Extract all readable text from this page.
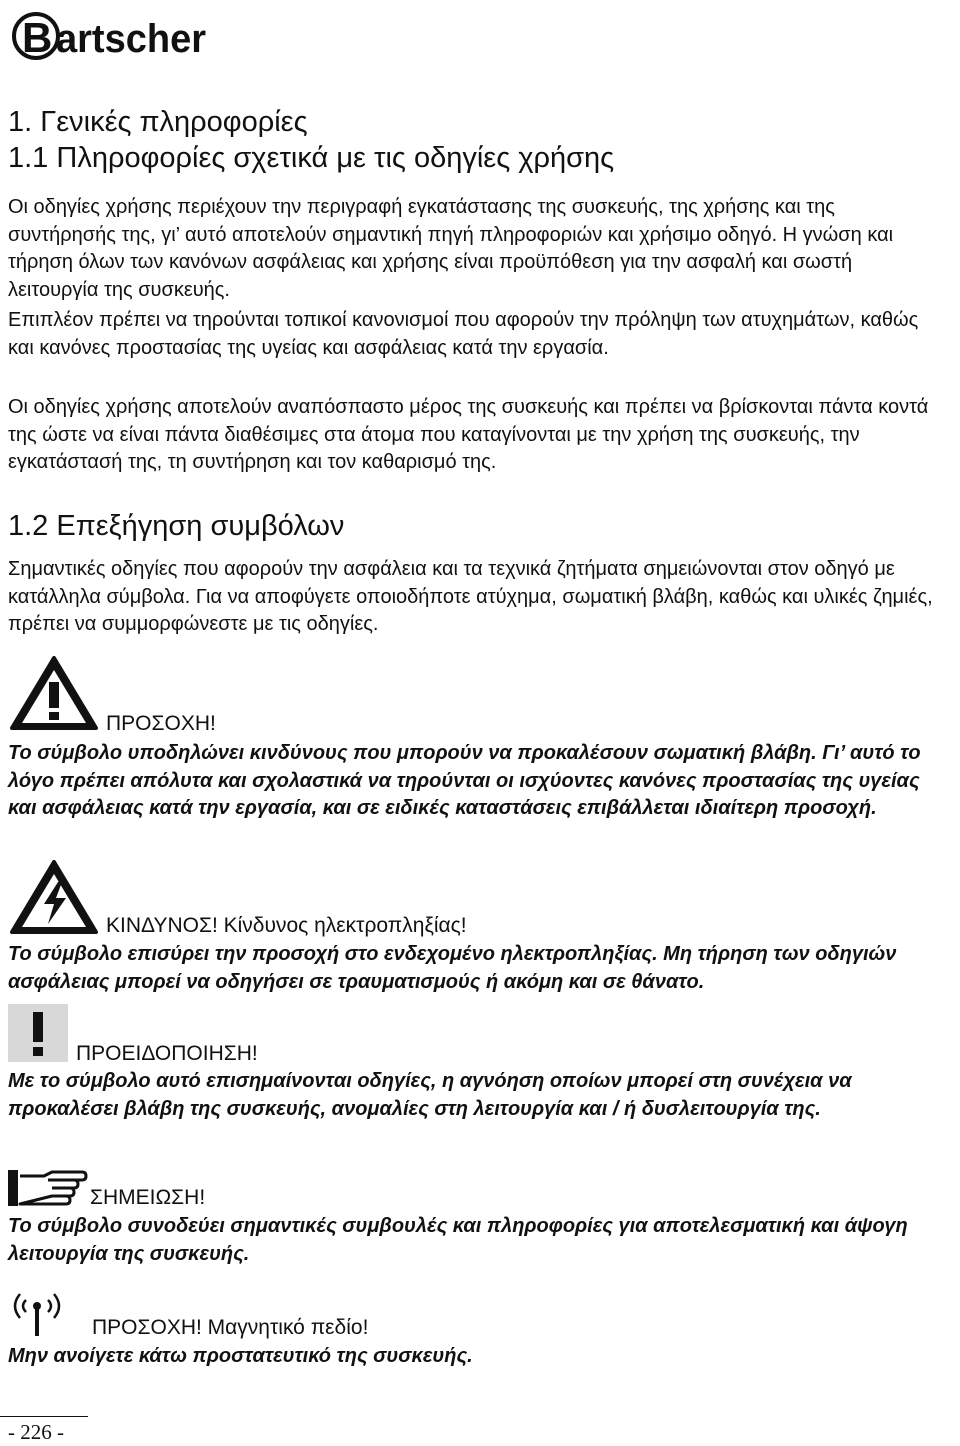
B artscher
1. Γενικές πληροφορίες
1.1 Πληροφορίες σχετικά με τις οδηγίες χρήσης

Οι οδηγίες χρήσης περιέχουν την περιγραφή εγκατάστασης της συσκευής, της χρήσης και της συντήρησής της, γι’ αυτό αποτελούν σημαντική πηγή πληροφοριών και χρήσιμο οδηγό. Η γνώση και τήρηση όλων των κανόνων ασφάλειας και χρήσης είναι προϋπόθεση για την ασφαλή και σωστή λειτουργία της συσκευής.

Επιπλέον πρέπει να τηρούνται τοπικοί κανονισμοί που αφορούν την πρόληψη των ατυχημάτων, καθώς και κανόνες προστασίας της υγείας και ασφάλειας κατά την εργασία.

Οι οδηγίες χρήσης αποτελούν αναπόσπαστο μέρος της συσκευής και πρέπει να βρίσκονται πάντα κοντά της ώστε να είναι πάντα διαθέσιμες στα άτομα που καταγίνονται με την χρήση της συσκευής, την εγκατάστασή της, τη συντήρηση και τον καθαρισμό της.

1.2 Επεξήγηση συμβόλων

Σημαντικές οδηγίες που αφορούν την ασφάλεια και τα τεχνικά ζητήματα σημειώνονται στον οδηγό με κατάλληλα σύμβολα. Για να αποφύγετε οποιοδήποτε ατύχημα, σωματική βλάβη, καθώς και υλικές ζημιές, πρέπει να συμμορφώνεστε με τις οδηγίες.

ΠΡΟΣΟΧΗ!

Το σύμβολο υποδηλώνει κινδύνους που μπορούν να προκαλέσουν σωματική βλάβη. Γι’ αυτό το λόγο πρέπει απόλυτα και σχολαστικά να τηρούνται οι ισχύοντες κανόνες προστασίας της υγείας και ασφάλειας κατά την εργασία, και σε ειδικές καταστάσεις επιβάλλεται ιδιαίτερη προσοχή.

ΚΙΝΔΥΝΟΣ! Κίνδυνος ηλεκτροπληξίας!

Το σύμβολο επισύρει την προσοχή στο ενδεχομένο ηλεκτροπληξίας. Μη τήρηση των οδηγιών ασφάλειας μπορεί να οδηγήσει σε τραυματισμούς ή ακόμη και σε θάνατο.

ΠΡΟΕΙΔΟΠΟΙΗΣΗ!

Με το σύμβολο αυτό επισημαίνονται οδηγίες, η αγνόηση οποίων μπορεί στη συνέχεια να προκαλέσει βλάβη της συσκευής, ανομαλίες στη λειτουργία και / ή δυσλειτουργία της.

ΣΗΜΕΙΩΣΗ!

Το σύμβολο συνοδεύει σημαντικές συμβουλές και πληροφορίες για αποτελεσματική και άψογη λειτουργία της συσκευής.

ΠΡΟΣΟΧΗ! Μαγνητικό πεδίο!

Μην ανοίγετε κάτω προστατευτικό της συσκευής.

- 226 -
